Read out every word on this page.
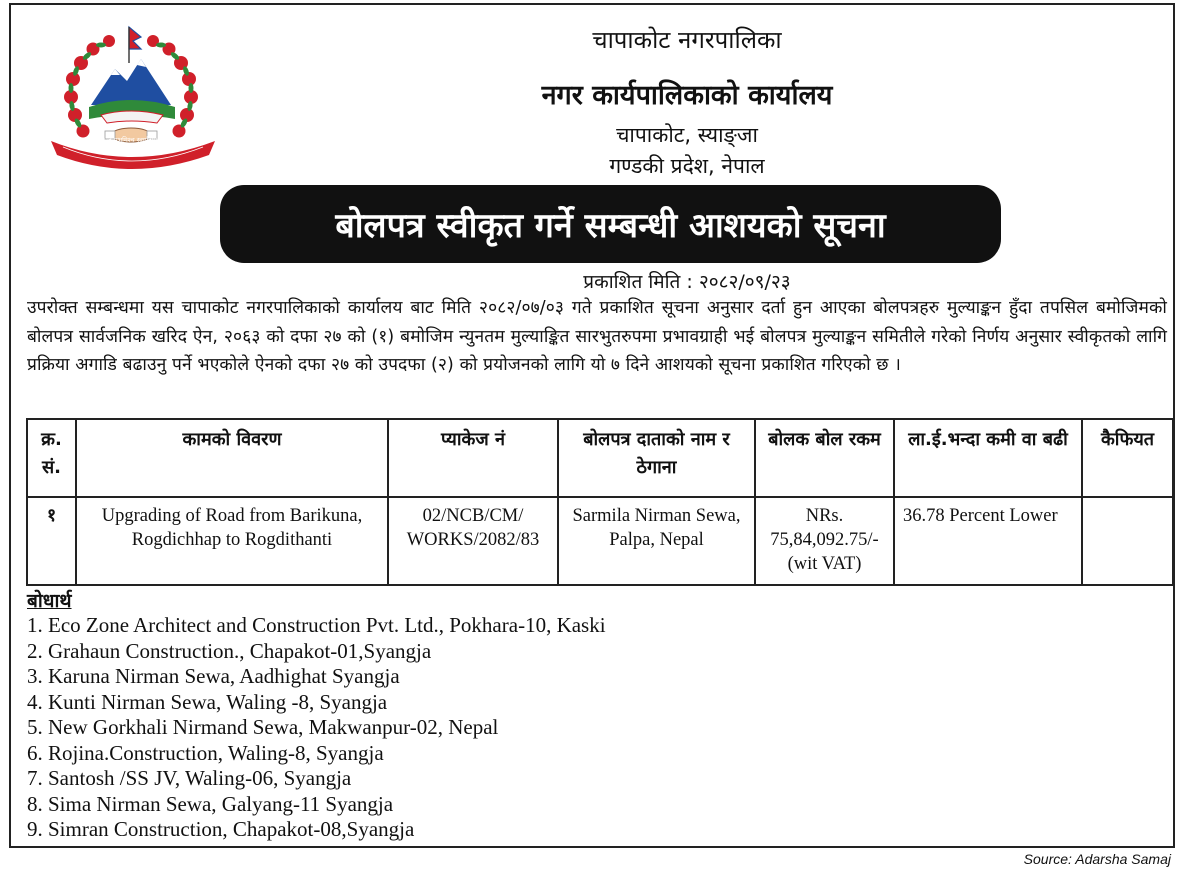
जननी जन्मभूमिश्च स्वर्गादपि गरीयसी
चापाकोट नगरपालिका
नगर कार्यपालिकाको कार्यालय
चापाकोट, स्याङ्जा
गण्डकी प्रदेश, नेपाल
बोलपत्र स्वीकृत गर्ने सम्बन्धी आशयको सूचना
प्रकाशित मिति : २०८२/०९/२३
उपरोक्त सम्बन्धमा यस चापाकोट नगरपालिकाको कार्यालय बाट मिति २०८२/०७/०३ गते प्रकाशित सूचना अनुसार दर्ता हुन आएका बोलपत्रहरु मुल्याङ्कन हुँदा तपसिल बमोजिमको बोलपत्र सार्वजनिक खरिद ऐन, २०६३ को दफा २७ को (१) बमोजिम न्युनतम मुल्याङ्कित सारभुतरुपमा प्रभावग्राही भई बोलपत्र मुल्याङ्कन समितीले गरेको निर्णय अनुसार स्वीकृतको लागि प्रक्रिया अगाडि बढाउनु पर्ने भएकोले ऐनको दफा २७ को उपदफा (२) को प्रयोजनको लागि यो ७ दिने आशयको सूचना प्रकाशित गरिएको छ ।
क्र. सं.	कामको विवरण	प्याकेज नं	बोलपत्र दाताको नाम र ठेगाना	बोलक बोल रकम	ला.ई.भन्दा कमी वा बढी	कैफियत
१	Upgrading of Road from Barikuna, Rogdichhap to Rogdithanti	02/NCB/CM/ WORKS/2082/83	Sarmila Nirman Sewa, Palpa, Nepal	NRs. 75,84,092.75/- (wit VAT)	36.78 Percent Lower	
बोधार्थ
1. Eco Zone Architect and Construction Pvt. Ltd., Pokhara-10, Kaski
2. Grahaun Construction., Chapakot-01,Syangja
3. Karuna Nirman Sewa, Aadhighat Syangja
4. Kunti Nirman Sewa, Waling -8, Syangja
5. New Gorkhali Nirmand Sewa, Makwanpur-02, Nepal
6. Rojina.Construction, Waling-8, Syangja
7. Santosh /SS JV, Waling-06, Syangja
8. Sima Nirman Sewa, Galyang-11 Syangja
9. Simran Construction, Chapakot-08,Syangja
Source: Adarsha Samaj
